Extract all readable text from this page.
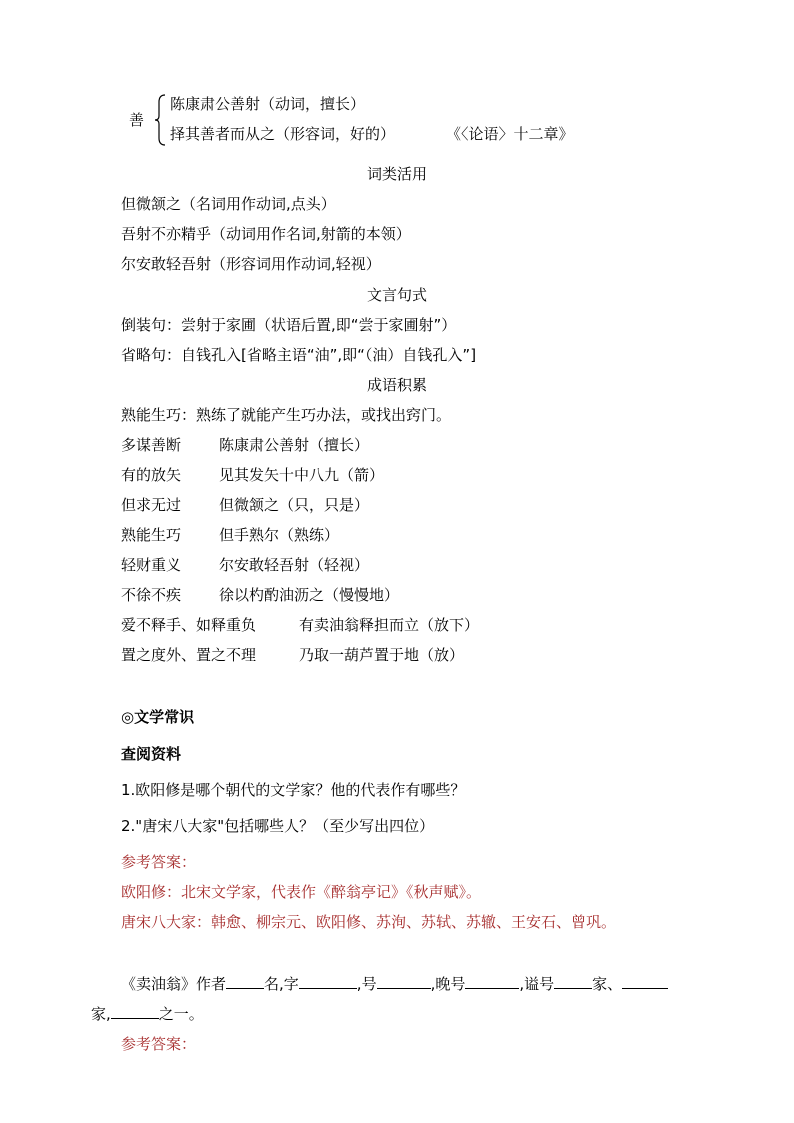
善
陈康肃公善射（动词，擅长）
择其善者而从之（形容词，好的）	《〈论语〉十二章》
词类活用
但微颔之（名词用作动词,点头）
吾射不亦精乎（动词用作名词,射箭的本领）
尔安敢轻吾射（形容词用作动词,轻视）
文言句式
倒装句：尝射于家圃（状语后置,即“尝于家圃射”）
省略句：自钱孔入[省略主语“油”,即“（油）自钱孔入”]
成语积累
熟能生巧：熟练了就能产生巧办法，或找出窍门。
多谋善断	陈康肃公善射（擅长）
有的放矢	见其发矢十中八九（箭）
但求无过	但微颔之（只，只是）
熟能生巧	但手熟尔（熟练）
轻财重义	尔安敢轻吾射（轻视）
不徐不疾	徐以杓酌油沥之（慢慢地）
爱不释手、如释重负	有卖油翁释担而立（放下）
置之度外、置之不理	乃取一葫芦置于地（放）
◎文学常识
查阅资料
1.欧阳修是哪个朝代的文学家？他的代表作有哪些？
2."唐宋八大家"包括哪些人？（至少写出四位）
参考答案：
欧阳修：北宋文学家，代表作《醉翁亭记》《秋声赋》。
唐宋八大家：韩愈、柳宗元、欧阳修、苏洵、苏轼、苏辙、王安石、曾巩。
《卖油翁》作者	名,字	,号	,晚号	,谥号	家、
家,	之一。
参考答案：
